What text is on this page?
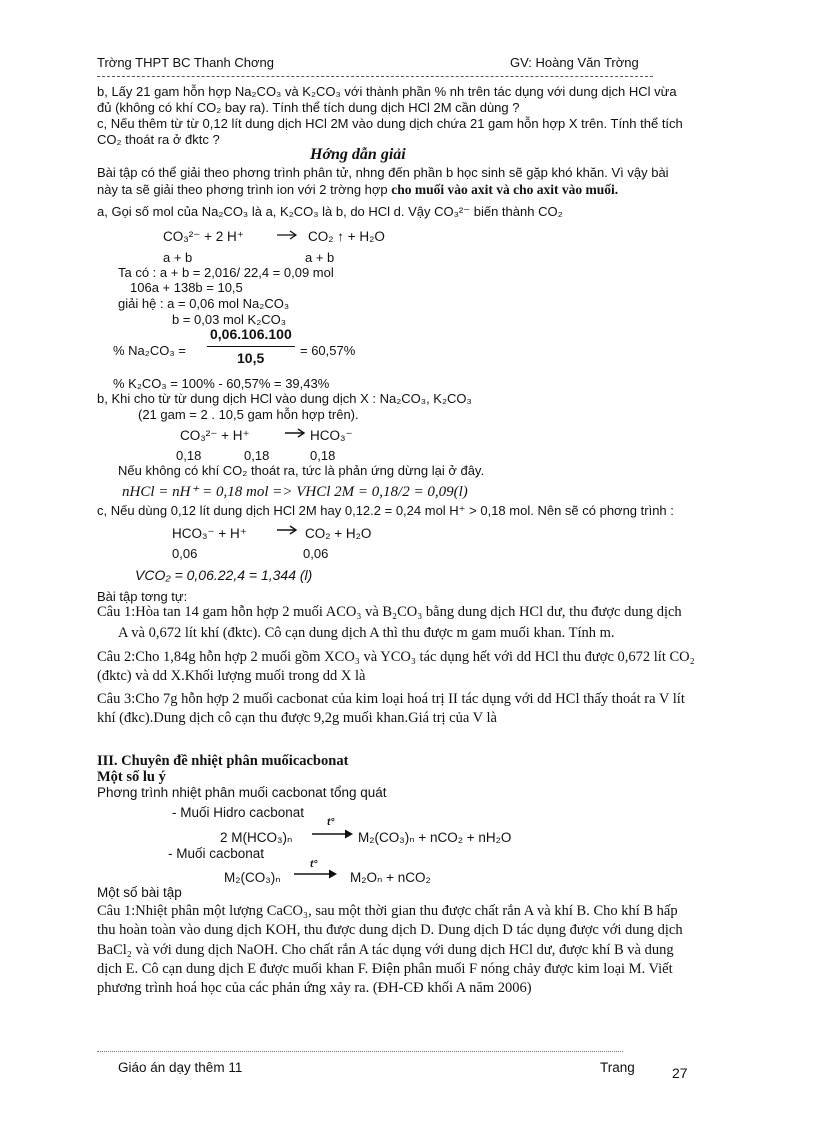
Trờng THPT BC Thanh Chơng	GV: Hoàng Văn Trờng
b, Lấy 21 gam hỗn hợp Na₂CO₃ và K₂CO₃ với thành phần % nh trên tác dụng với dung dịch HCl vừa
đủ (không có khí CO₂ bay ra). Tính thể tích dung dịch HCl 2M cần dùng ?
c, Nếu thêm từ từ 0,12 lít dung dịch HCl 2M vào dung dịch chứa 21 gam hỗn hợp X trên. Tính thể tích
CO₂ thoát ra ở đktc ?
Hớng dẫn giải
Bài tập có thể giải theo phơng trình phân tử, nhng đến phần b học sinh sẽ gặp khó khăn. Vì vậy bài
này ta sẽ giải theo phơng trình ion với 2 trờng hợp cho muối vào axit và cho axit vào muối.
a, Gọi số mol của Na₂CO₃ là a, K₂CO₃ là b, do HCl d. Vậy CO₃²⁻ biến thành CO₂
CO₃²⁻ + 2 H⁺	CO₂ ↑ + H₂O
a + b	a + b
Ta có : a + b = 2,016/ 22,4 = 0,09 mol
106a + 138b = 10,5
giải hệ : a = 0,06 mol Na₂CO₃
b = 0,03 mol K₂CO₃
% Na₂CO₃ =
0,06.106.100
10,5	= 60,57%
% K₂CO₃ = 100% - 60,57% = 39,43%
b, Khi cho từ từ dung dịch HCl vào dung dịch X : Na₂CO₃, K₂CO₃
(21 gam = 2 . 10,5 gam hỗn hợp trên).
CO₃²⁻ + H⁺	HCO₃⁻
0,18	0,18	0,18
Nếu không có khí CO₂ thoát ra, tức là phản ứng dừng lại ở đây.
nHCl = nH⁺ = 0,18 mol => VHCl 2M = 0,18/2 = 0,09(l)
c, Nếu dùng 0,12 lít dung dịch HCl 2M hay 0,12.2 = 0,24 mol H⁺ > 0,18 mol. Nên sẽ có phơng trình :
HCO₃⁻ + H⁺	CO₂ + H₂O
0,06	0,06
VCO₂ = 0,06.22,4 = 1,344 (l)
Bài tập tơng tự:
Câu 1:Hòa tan 14 gam hỗn hợp 2 muối ACO₃ và B₂CO₃ bằng dung dịch HCl dư, thu được dung dịch
A và 0,672 lít khí (đktc). Cô cạn dung dịch A thì thu được m gam muối khan. Tính m.
Câu 2:Cho 1,84g hỗn hợp 2 muối gồm XCO₃ và YCO₃ tác dụng hết với dd HCl thu được 0,672 lít CO₂
(đktc) và dd X.Khối lượng muối trong dd X là
Câu 3:Cho 7g hỗn hợp 2 muối cacbonat của kim loại hoá trị II tác dụng với dd HCl thấy thoát ra V lít
khí (đkc).Dung dịch cô cạn thu được 9,2g muối khan.Giá trị của V là
III. Chuyên đề nhiệt phân muốicacbonat
Một số lu ý
Phơng trình nhiệt phân muối cacbonat tổng quát
- Muối Hidro cacbonat
2 M(HCO₃)ₙ
t°
M₂(CO₃)ₙ + nCO₂ + nH₂O
- Muối cacbonat
M₂(CO₃)ₙ
t°
M₂Oₙ + nCO₂
Một số bài tập
Câu 1:Nhiệt phân một lượng CaCO₃, sau một thời gian thu được chất rắn A và khí B. Cho khí B hấp
thu hoàn toàn vào dung dịch KOH, thu được dung dịch D. Dung dịch D tác dụng được với dung dịch
BaCl₂ và với dung dịch NaOH. Cho chất rắn A tác dụng với dung dịch HCl dư, được khí B và dung
dịch E. Cô cạn dung dịch E được muối khan F. Điện phân muối F nóng chảy được kim loại M. Viết
phương trình hoá học của các phản ứng xảy ra. (ĐH-CĐ khối A năm 2006)
Giáo án dạy thêm 11	Trang	27
